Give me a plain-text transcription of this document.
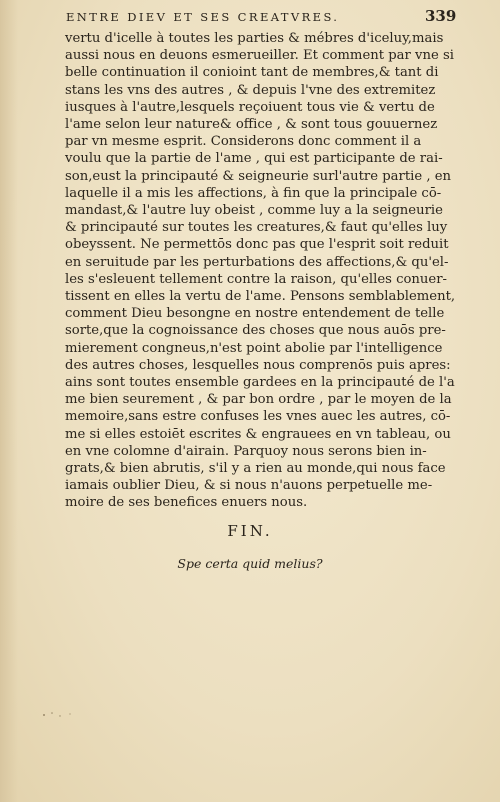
ENTRE DIEV ET SES CREATVRES.	339
vertu d'icelle à toutes les parties & mébres d'iceluy,mais
aussi nous en deuons esmerueiller. Et comment par vne si
belle continuation il conioint tant de membres,& tant di
stans les vns des autres , & depuis l'vne des extremitez
iusques à l'autre,lesquels reçoiuent tous vie & vertu de
l'ame selon leur nature& office , & sont tous gouuernez
par vn mesme esprit. Considerons donc comment il a
voulu que la partie de l'ame , qui est participante de rai-
son,eust la principauté & seigneurie surl'autre partie , en
laquelle il a mis les affections, à fin que la principale cō-
mandast,& l'autre luy obeist , comme luy a la seigneurie
& principauté sur toutes les creatures,& faut qu'elles luy
obeyssent. Ne permettōs donc pas que l'esprit soit reduit
en seruitude par les perturbations des affections,& qu'el-
les s'esleuent tellement contre la raison, qu'elles conuer-
tissent en elles la vertu de l'ame. Pensons semblablement,
comment Dieu besongne en nostre entendement de telle
sorte,que la cognoissance des choses que nous auōs pre-
mierement congneus,n'est point abolie par l'intelligence
des autres choses, lesquelles nous comprenōs puis apres:
ains sont toutes ensemble gardees en la principauté de l'a
me bien seurement , & par bon ordre , par le moyen de la
memoire,sans estre confuses les vnes auec les autres, cō-
me si elles estoiēt escrites & engrauees en vn tableau, ou
en vne colomne d'airain. Parquoy nous serons bien in-
grats,& bien abrutis, s'il y a rien au monde,qui nous face
iamais oublier Dieu, & si nous n'auons perpetuelle me-
moire de ses benefices enuers nous.
FIN.
Spe certa quid melius?
